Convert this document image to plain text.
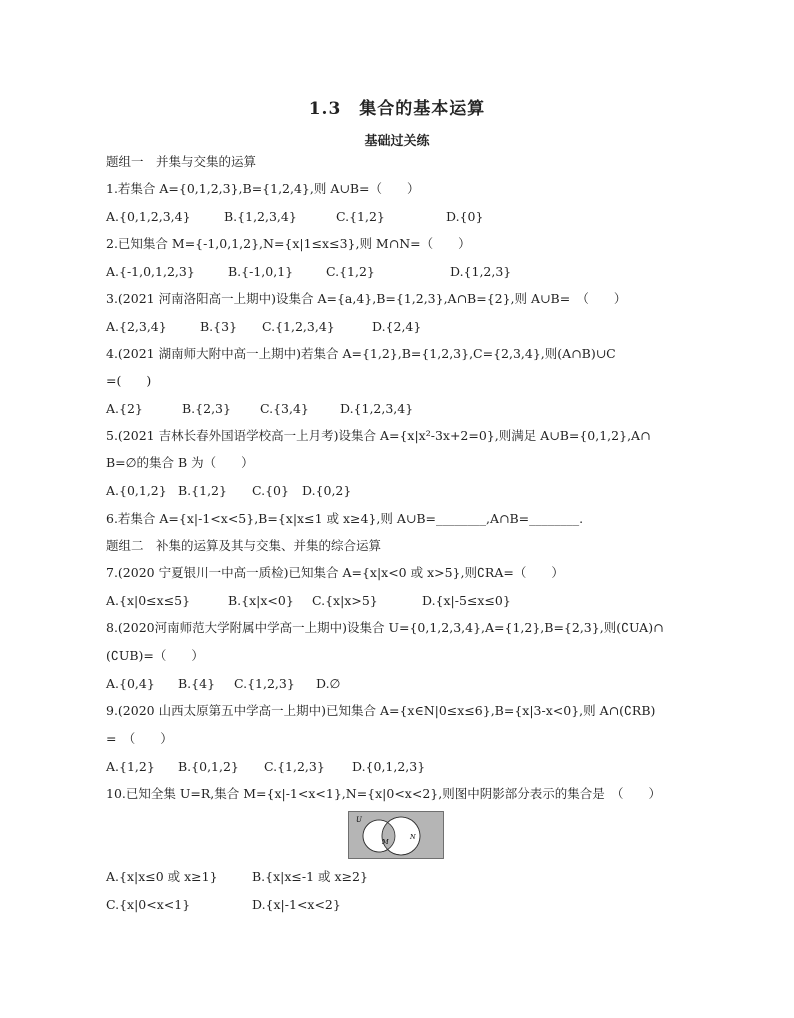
1.3　集合的基本运算
基础过关练
题组一　并集与交集的运算
1.若集合 A={0,1,2,3},B={1,2,4},则 A∪B=（　　）
A.{0,1,2,3,4}	B.{1,2,3,4}	C.{1,2}	D.{0}
2.已知集合 M={-1,0,1,2},N={x|1≤x≤3},则 M∩N=（　　）
A.{-1,0,1,2,3}	B.{-1,0,1}	C.{1,2}	D.{1,2,3}
3.(2021 河南洛阳高一上期中)设集合 A={a,4},B={1,2,3},A∩B={2},则 A∪B=　（　　）
A.{2,3,4}	B.{3} C.{1,2,3,4}	D.{2,4}
4.(2021 湖南师大附中高一上期中)若集合 A={1,2},B={1,2,3},C={2,3,4},则(A∩B)∪C
=(　　)
A.{2}	B.{2,3} C.{3,4} D.{1,2,3,4}
5.(2021 吉林长春外国语学校高一上月考)设集合 A={x|x²-3x+2=0},则满足 A∪B={0,1,2},A∩
B=∅的集合 B 为（　　）
A.{0,1,2} B.{1,2} C.{0} D.{0,2}
6.若集合 A={x|-1<x<5},B={x|x≤1 或 x≥4},则 A∪B=________,A∩B=________.
题组二　补集的运算及其与交集、并集的综合运算
7.(2020 宁夏银川一中高一质检)已知集合 A={x|x<0 或 x>5},则∁RA=（　　）
A.{x|0≤x≤5}	B.{x|x<0} C.{x|x>5}	D.{x|-5≤x≤0}
8.(2020河南师范大学附属中学高一上期中)设集合 U={0,1,2,3,4},A={1,2},B={2,3},则(∁UA)∩
(∁UB)=（　　）
A.{0,4} B.{4} C.{1,2,3} D.∅
9.(2020 山西太原第五中学高一上期中)已知集合 A={x∈N|0≤x≤6},B={x|3-x<0},则 A∩(∁RB)
=　（　　）
A.{1,2} B.{0,1,2} C.{1,2,3} D.{0,1,2,3}
10.已知全集 U=R,集合 M={x|-1<x<1},N={x|0<x<2},则图中阴影部分表示的集合是　（　　）
U
M
N
A.{x|x≤0 或 x≥1}	B.{x|x≤-1 或 x≥2}
C.{x|0<x<1}	D.{x|-1<x<2}
